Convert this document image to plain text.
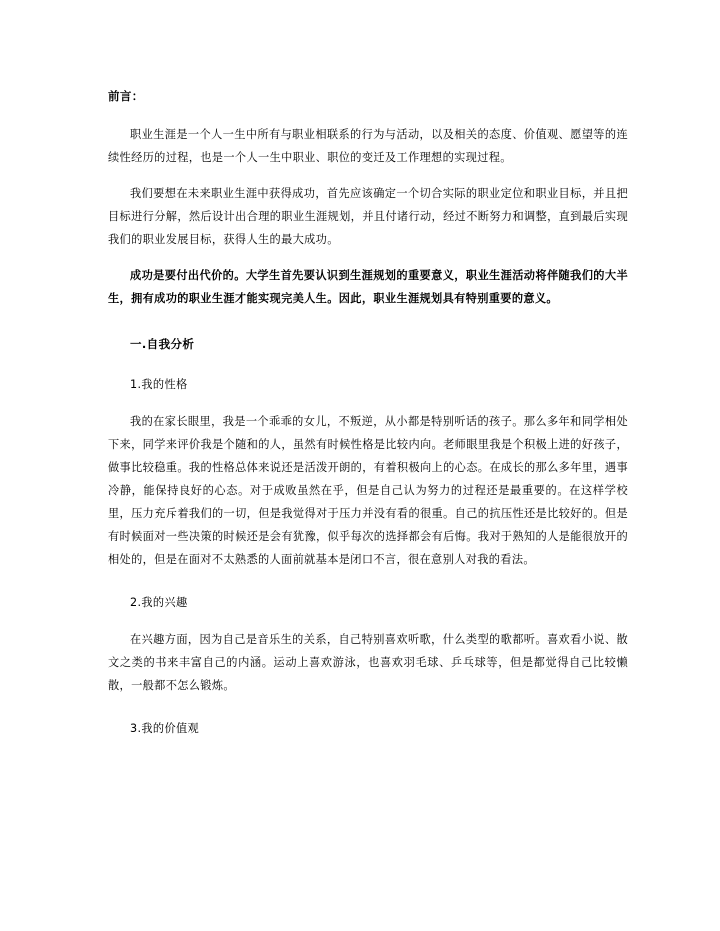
前言：

职业生涯是一个人一生中所有与职业相联系的行为与活动，以及相关的态度、价值观、愿望等的连续性经历的过程，也是一个人一生中职业、职位的变迁及工作理想的实现过程。

我们要想在未来职业生涯中获得成功，首先应该确定一个切合实际的职业定位和职业目标，并且把目标进行分解，然后设计出合理的职业生涯规划，并且付诸行动，经过不断努力和调整，直到最后实现我们的职业发展目标，获得人生的最大成功。

成功是要付出代价的。大学生首先要认识到生涯规划的重要意义，职业生涯活动将伴随我们的大半生，拥有成功的职业生涯才能实现完美人生。因此，职业生涯规划具有特别重要的意义。

一.自我分析

1.我的性格

我的在家长眼里，我是一个乖乖的女儿，不叛逆，从小都是特别听话的孩子。那么多年和同学相处下来，同学来评价我是个随和的人，虽然有时候性格是比较内向。老师眼里我是个积极上进的好孩子，做事比较稳重。我的性格总体来说还是活泼开朗的，有着积极向上的心态。在成长的那么多年里，遇事冷静，能保持良好的心态。对于成败虽然在乎，但是自己认为努力的过程还是最重要的。在这样学校里，压力充斥着我们的一切，但是我觉得对于压力并没有看的很重。自己的抗压性还是比较好的。但是有时候面对一些决策的时候还是会有犹豫，似乎每次的选择都会有后悔。我对于熟知的人是能很放开的相处的，但是在面对不太熟悉的人面前就基本是闭口不言，很在意别人对我的看法。

2.我的兴趣

在兴趣方面，因为自己是音乐生的关系，自己特别喜欢听歌，什么类型的歌都听。喜欢看小说、散文之类的书来丰富自己的内涵。运动上喜欢游泳，也喜欢羽毛球、乒乓球等，但是都觉得自己比较懒散，一般都不怎么锻炼。

3.我的价值观
